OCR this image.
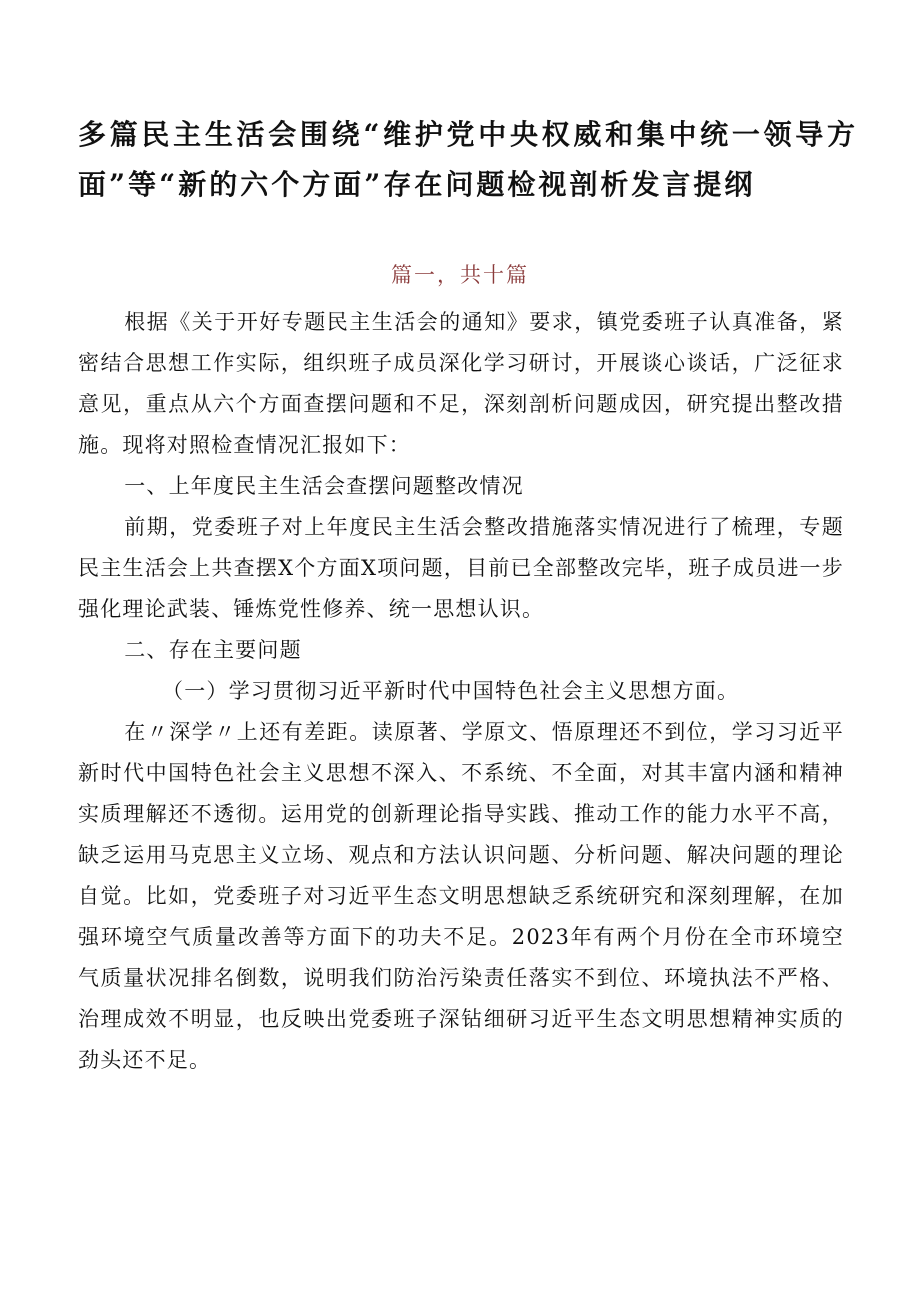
多篇民主生活会围绕“维护党中央权威和集中统一领导方面”等“新的六个方面”存在问题检视剖析发言提纲

篇一，共十篇

根据《关于开好专题民主生活会的通知》要求，镇党委班子认真准备，紧密结合思想工作实际，组织班子成员深化学习研讨，开展谈心谈话，广泛征求意见，重点从六个方面查摆问题和不足，深刻剖析问题成因，研究提出整改措施。现将对照检查情况汇报如下：

一、上年度民主生活会查摆问题整改情况

前期，党委班子对上年度民主生活会整改措施落实情况进行了梳理，专题民主生活会上共查摆X个方面X项问题，目前已全部整改完毕，班子成员进一步强化理论武装、锤炼党性修养、统一思想认识。

二、存在主要问题

（一）学习贯彻习近平新时代中国特色社会主义思想方面。

在〃深学〃上还有差距。读原著、学原文、悟原理还不到位，学习习近平新时代中国特色社会主义思想不深入、不系统、不全面，对其丰富内涵和精神实质理解还不透彻。运用党的创新理论指导实践、推动工作的能力水平不高，缺乏运用马克思主义立场、观点和方法认识问题、分析问题、解决问题的理论自觉。比如，党委班子对习近平生态文明思想缺乏系统研究和深刻理解，在加强环境空气质量改善等方面下的功夫不足。2023年有两个月份在全市环境空气质量状况排名倒数，说明我们防治污染责任落实不到位、环境执法不严格、治理成效不明显，也反映出党委班子深钻细研习近平生态文明思想精神实质的劲头还不足。
